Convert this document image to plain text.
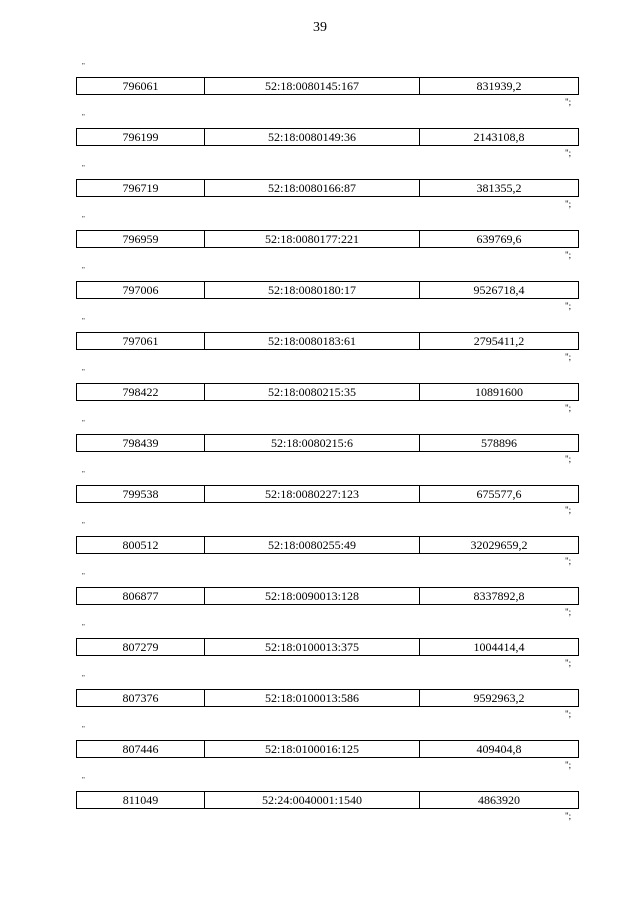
39
"
796061	52:18:0080145:167	831939,2
";
"
796199	52:18:0080149:36	2143108,8
";
"
796719	52:18:0080166:87	381355,2
";
"
796959	52:18:0080177:221	639769,6
";
"
797006	52:18:0080180:17	9526718,4
";
"
797061	52:18:0080183:61	2795411,2
";
"
798422	52:18:0080215:35	10891600
";
"
798439	52:18:0080215:6	578896
";
"
799538	52:18:0080227:123	675577,6
";
"
800512	52:18:0080255:49	32029659,2
";
"
806877	52:18:0090013:128	8337892,8
";
"
807279	52:18:0100013:375	1004414,4
";
"
807376	52:18:0100013:586	9592963,2
";
"
807446	52:18:0100016:125	409404,8
";
"
811049	52:24:0040001:1540	4863920
";
